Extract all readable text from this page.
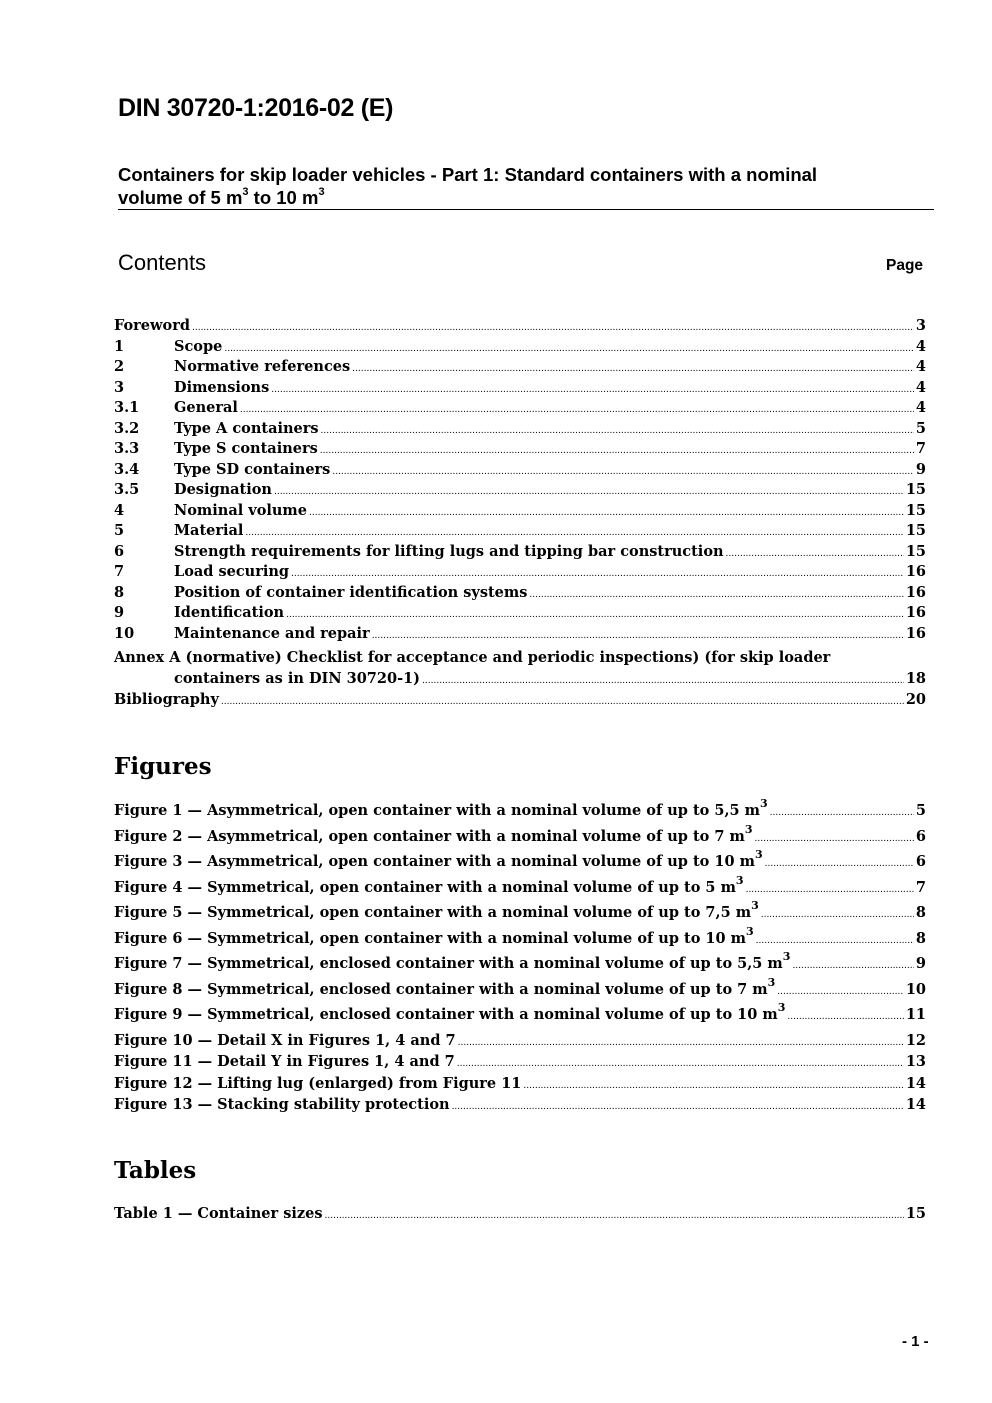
DIN 30720-1:2016-02 (E)
Containers for skip loader vehicles - Part 1: Standard containers with a nominal
volume of 5 $m^3$ to 10 $m^3$
Contents	Page
Foreword .....	3
1	Scope .....	4
2	Normative references .....	4
3	Dimensions .....	4
3.1	General .....	4
3.2	Type A containers .....	5
3.3	Type S containers .....	7
3.4	Type SD containers .....	9
3.5	Designation .....	15
4	Nominal volume .....	15
5	Material .....	15
6	Strength requirements for lifting lugs and tipping bar construction .....	15
7	Load securing .....	16
8	Position of container identification systems .....	16
9	Identification .....	16
10	Maintenance and repair .....	16
Annex A (normative) Checklist for acceptance and periodic inspections) (for skip loader
containers as in DIN 30720-1) .....	18
Bibliography .....	20
Figures
Figure 1 — Asymmetrical, open container with a nominal volume of up to 5,5 $m^3$ .....	5
Figure 2 — Asymmetrical, open container with a nominal volume of up to 7 $m^3$ .....	6
Figure 3 — Asymmetrical, open container with a nominal volume of up to 10 $m^3$ .....	6
Figure 4 — Symmetrical, open container with a nominal volume of up to 5 $m^3$ .....	7
Figure 5 — Symmetrical, open container with a nominal volume of up to 7,5 $m^3$ .....	8
Figure 6 — Symmetrical, open container with a nominal volume of up to 10 $m^3$ .....	8
Figure 7 — Symmetrical, enclosed container with a nominal volume of up to 5,5 $m^3$ .....	9
Figure 8 — Symmetrical, enclosed container with a nominal volume of up to 7 $m^3$ .....	10
Figure 9 — Symmetrical, enclosed container with a nominal volume of up to 10 $m^3$ .....	11
Figure 10 — Detail X in Figures 1, 4 and 7 .....	12
Figure 11 — Detail Y in Figures 1, 4 and 7 .....	13
Figure 12 — Lifting lug (enlarged) from Figure 11 .....	14
Figure 13 — Stacking stability protection .....	14
Tables
Table 1 — Container sizes .....	15
- 1 -
